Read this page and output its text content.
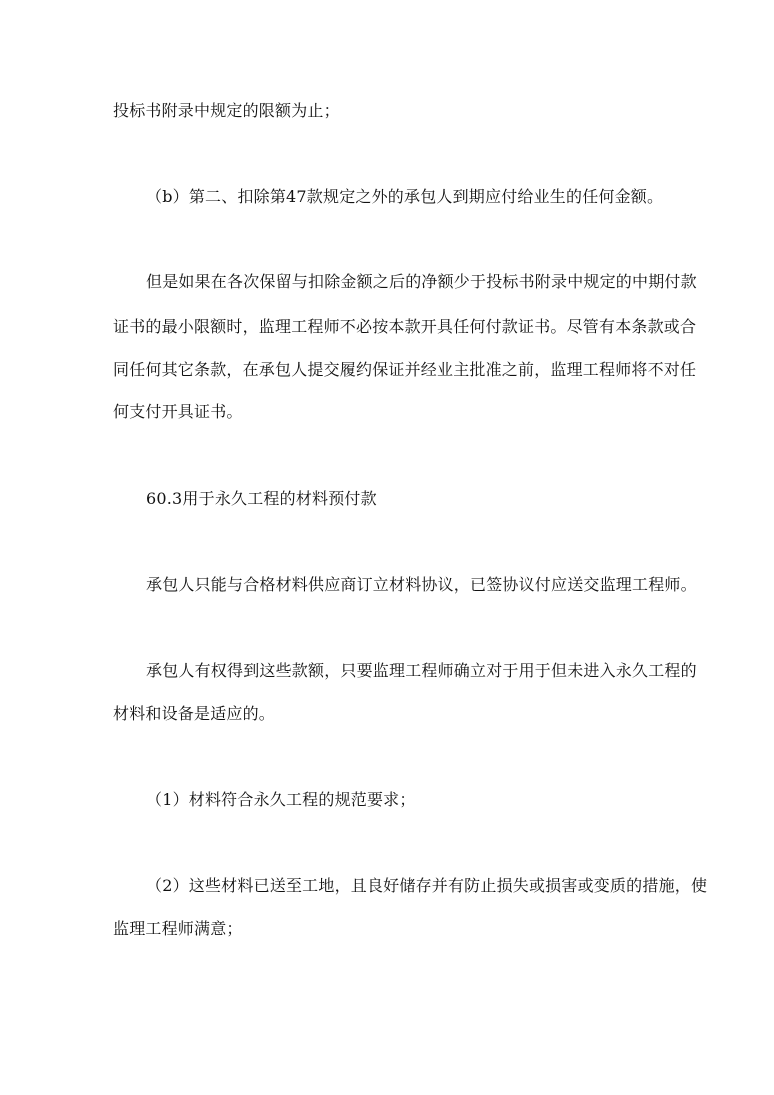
投标书附录中规定的限额为止；
（b）第二、扣除第47款规定之外的承包人到期应付给业生的任何金额。
但是如果在各次保留与扣除金额之后的净额少于投标书附录中规定的中期付款
证书的最小限额时，监理工程师不必按本款开具任何付款证书。尽管有本条款或合
同任何其它条款，在承包人提交履约保证并经业主批准之前，监理工程师将不对任
何支付开具证书。
60.3用于永久工程的材料预付款
承包人只能与合格材料供应商订立材料协议，已签协议付应送交监理工程师。
承包人有权得到这些款额，只要监理工程师确立对于用于但未进入永久工程的
材料和设备是适应的。
（1）材料符合永久工程的规范要求；
（2）这些材料已送至工地，且良好储存并有防止损失或损害或变质的措施，使
监理工程师满意；
